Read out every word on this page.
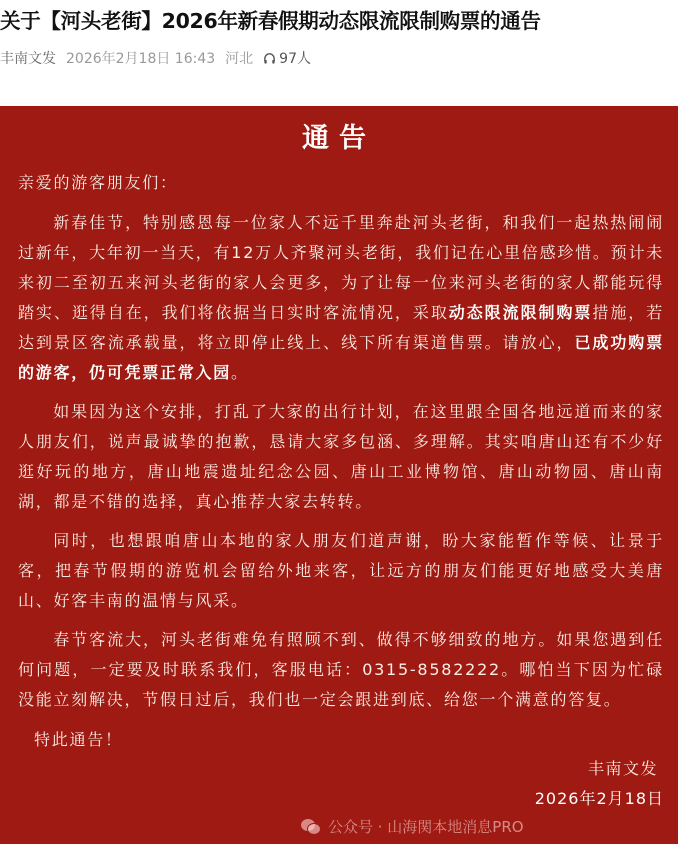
关于【河头老街】2026年新春假期动态限流限制购票的通告
丰南文发 2026年2月18日 16:43 河北 97人
通告

亲爱的游客朋友们：

新春佳节，特别感恩每一位家人不远千里奔赴河头老街，和我们一起热热闹闹过新年，大年初一当天，有12万人齐聚河头老街，我们记在心里倍感珍惜。预计未来初二至初五来河头老街的家人会更多，为了让每一位来河头老街的家人都能玩得踏实、逛得自在，我们将依据当日实时客流情况，采取动态限流限制购票措施，若达到景区客流承载量，将立即停止线上、线下所有渠道售票。请放心，已成功购票的游客，仍可凭票正常入园。

如果因为这个安排，打乱了大家的出行计划，在这里跟全国各地远道而来的家人朋友们，说声最诚挚的抱歉，恳请大家多包涵、多理解。其实咱唐山还有不少好逛好玩的地方，唐山地震遗址纪念公园、唐山工业博物馆、唐山动物园、唐山南湖，都是不错的选择，真心推荐大家去转转。

同时，也想跟咱唐山本地的家人朋友们道声谢，盼大家能暂作等候、让景于客，把春节假期的游览机会留给外地来客，让远方的朋友们能更好地感受大美唐山、好客丰南的温情与风采。

春节客流大，河头老街难免有照顾不到、做得不够细致的地方。如果您遇到任何问题，一定要及时联系我们，客服电话：0315-8582222。哪怕当下因为忙碌没能立刻解决，节假日过后，我们也一定会跟进到底、给您一个满意的答复。

特此通告！

丰南文发
2026年2月18日
公众号 · 山海関本地消息PRO
